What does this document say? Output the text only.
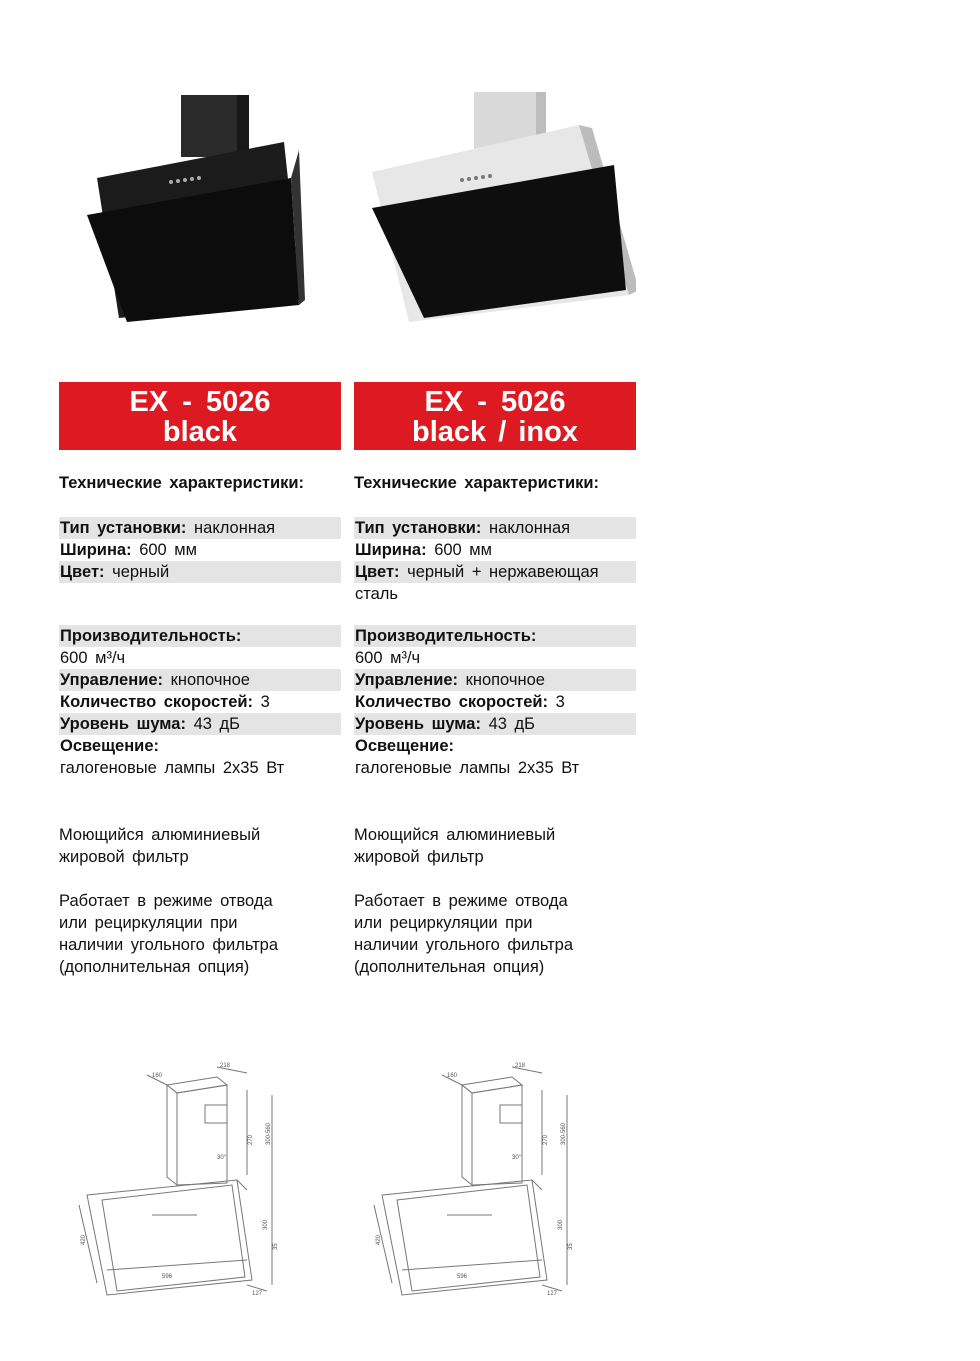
EX - 5026
black
Технические характеристики:
Тип установки: наклонная
Ширина: 600 мм
Цвет: черный
Производительность:
600 м³/ч
Управление: кнопочное
Количество скоростей: 3
Уровень шума: 43 дБ
Освещение:
галогеновые лампы 2x35 Вт
Моющийся алюминиевый
жировой фильтр
Работает в режиме отвода
или рециркуляции при
наличии угольного фильтра
(дополнительная опция)
160
218
30°
270 300-560
300
35
420
596
127
EX - 5026
black / inox
Технические характеристики:
Тип установки: наклонная
Ширина: 600 мм
Цвет: черный + нержавеющая
сталь
Производительность:
600 м³/ч
Управление: кнопочное
Количество скоростей: 3
Уровень шума: 43 дБ
Освещение:
галогеновые лампы 2x35 Вт
Моющийся алюминиевый
жировой фильтр
Работает в режиме отвода
или рециркуляции при
наличии угольного фильтра
(дополнительная опция)
160
218
30°
270 300-560
300
35
420
596
127
